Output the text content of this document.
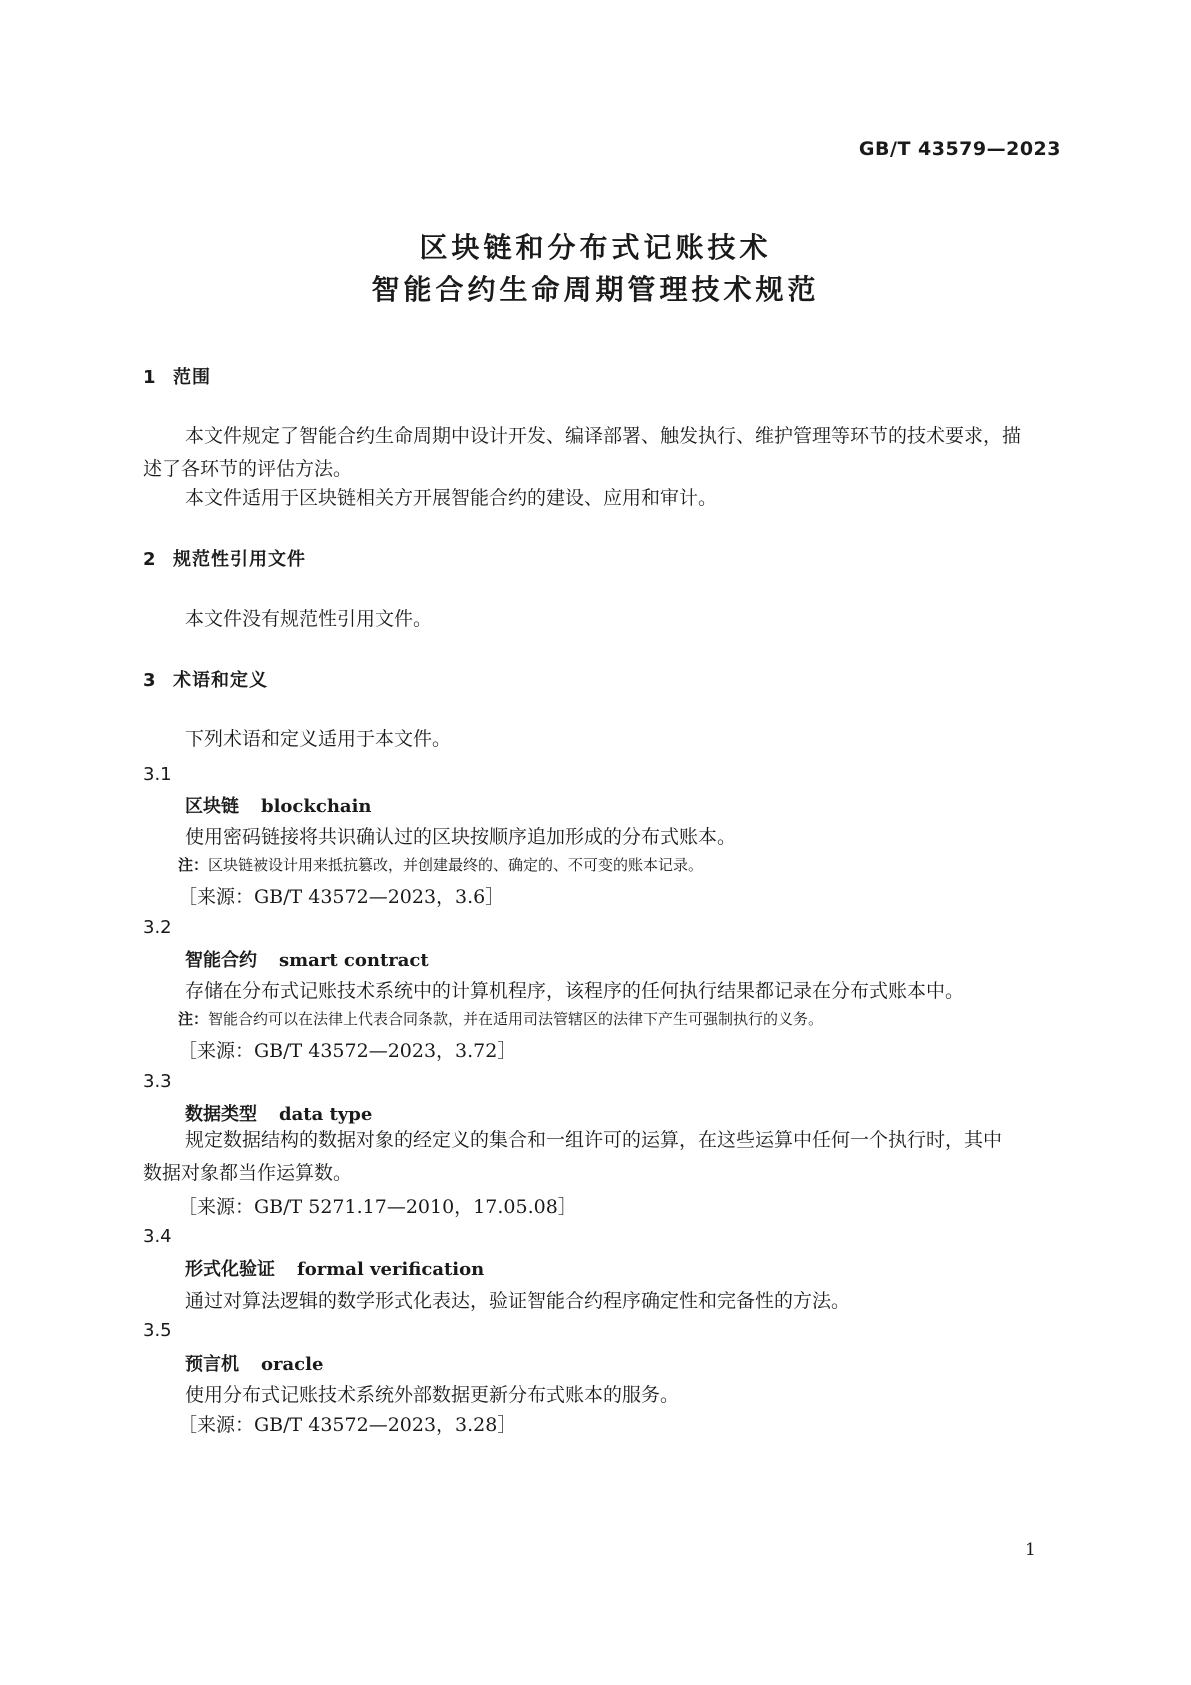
GB/T 43579—2023
区块链和分布式记账技术
智能合约生命周期管理技术规范
1 范围
本文件规定了智能合约生命周期中设计开发、编译部署、触发执行、维护管理等环节的技术要求，描
述了各环节的评估方法。
本文件适用于区块链相关方开展智能合约的建设、应用和审计。
2 规范性引用文件
本文件没有规范性引用文件。
3 术语和定义
下列术语和定义适用于本文件。
3.1
区块链 blockchain
使用密码链接将共识确认过的区块按顺序追加形成的分布式账本。
注：区块链被设计用来抵抗篡改，并创建最终的、确定的、不可变的账本记录。
［来源：GB/T 43572—2023，3.6］
3.2
智能合约 smart contract
存储在分布式记账技术系统中的计算机程序，该程序的任何执行结果都记录在分布式账本中。
注：智能合约可以在法律上代表合同条款，并在适用司法管辖区的法律下产生可强制执行的义务。
［来源：GB/T 43572—2023，3.72］
3.3
数据类型 data type
规定数据结构的数据对象的经定义的集合和一组许可的运算，在这些运算中任何一个执行时，其中
数据对象都当作运算数。
［来源：GB/T 5271.17—2010，17.05.08］
3.4
形式化验证 formal verification
通过对算法逻辑的数学形式化表达，验证智能合约程序确定性和完备性的方法。
3.5
预言机 oracle
使用分布式记账技术系统外部数据更新分布式账本的服务。
［来源：GB/T 43572—2023，3.28］
1
